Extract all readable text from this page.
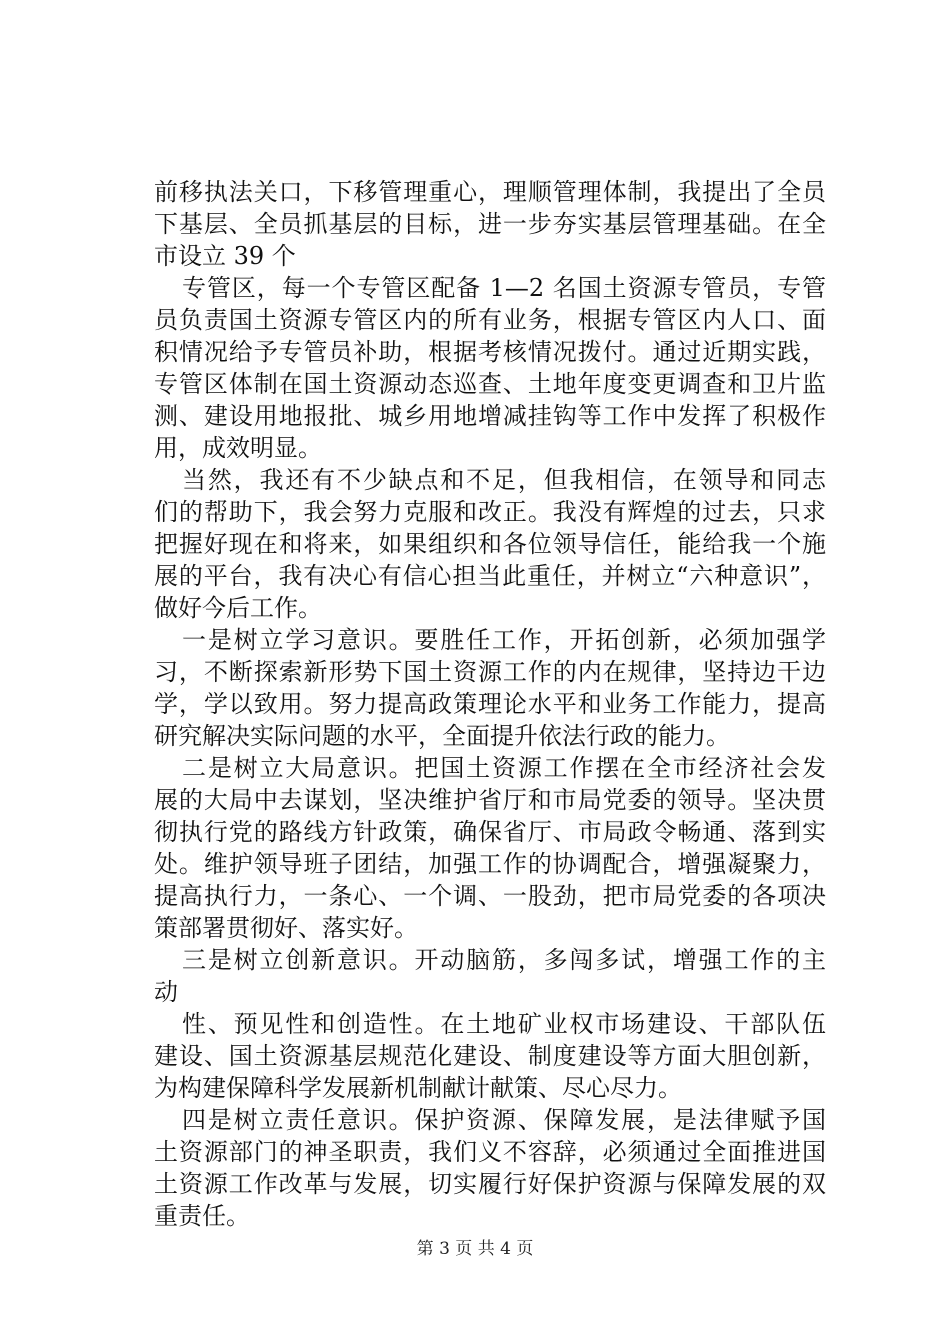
前移执法关口，下移管理重心，理顺管理体制，我提出了全员
下基层、全员抓基层的目标，进一步夯实基层管理基础。在全
市设立 39 个
专管区，每一个专管区配备 1—2 名国土资源专管员，专管
员负责国土资源专管区内的所有业务，根据专管区内人口、面
积情况给予专管员补助，根据考核情况拨付。通过近期实践，
专管区体制在国土资源动态巡查、土地年度变更调查和卫片监
测、建设用地报批、城乡用地增减挂钩等工作中发挥了积极作
用，成效明显。
当然，我还有不少缺点和不足，但我相信，在领导和同志
们的帮助下，我会努力克服和改正。我没有辉煌的过去，只求
把握好现在和将来，如果组织和各位领导信任，能给我一个施
展的平台，我有决心有信心担当此重任，并树立“六种意识”，
做好今后工作。
一是树立学习意识。要胜任工作，开拓创新，必须加强学
习，不断探索新形势下国土资源工作的内在规律，坚持边干边
学，学以致用。努力提高政策理论水平和业务工作能力，提高
研究解决实际问题的水平，全面提升依法行政的能力。
二是树立大局意识。把国土资源工作摆在全市经济社会发
展的大局中去谋划，坚决维护省厅和市局党委的领导。坚决贯
彻执行党的路线方针政策，确保省厅、市局政令畅通、落到实
处。维护领导班子团结，加强工作的协调配合，增强凝聚力，
提高执行力，一条心、一个调、一股劲，把市局党委的各项决
策部署贯彻好、落实好。
三是树立创新意识。开动脑筋，多闯多试，增强工作的主
动
性、预见性和创造性。在土地矿业权市场建设、干部队伍
建设、国土资源基层规范化建设、制度建设等方面大胆创新，
为构建保障科学发展新机制献计献策、尽心尽力。
四是树立责任意识。保护资源、保障发展，是法律赋予国
土资源部门的神圣职责，我们义不容辞，必须通过全面推进国
土资源工作改革与发展，切实履行好保护资源与保障发展的双
重责任。
第 3 页 共 4 页
